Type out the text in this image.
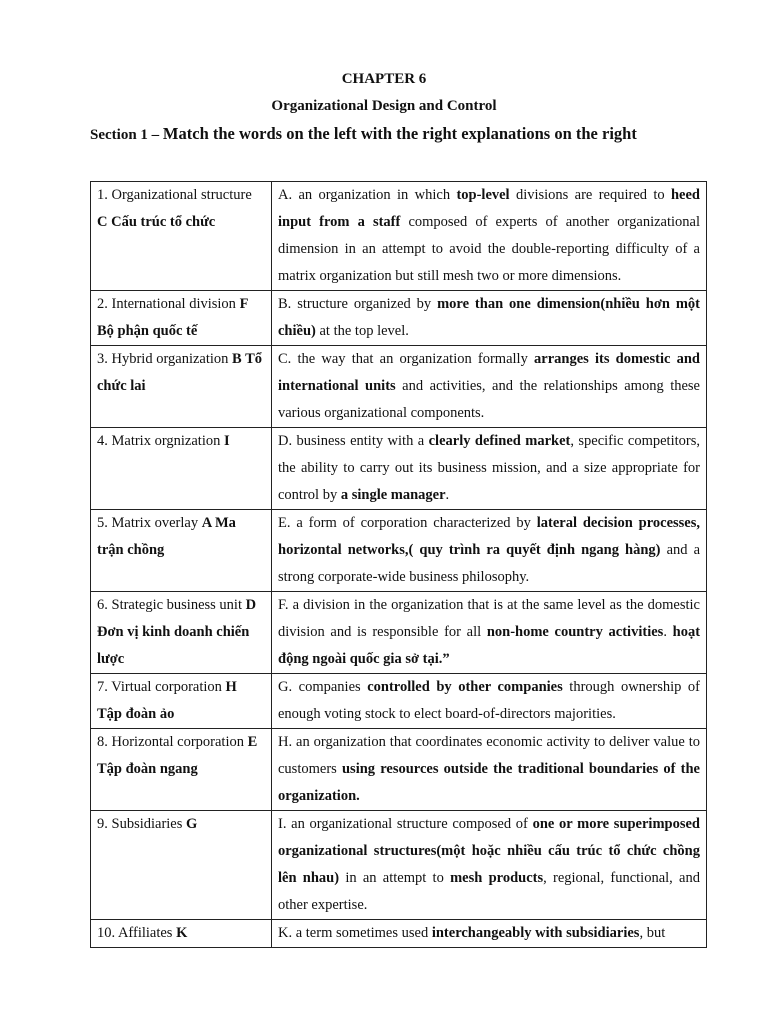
CHAPTER 6
Organizational Design and Control
Section 1 – Match the words on the left with the right explanations on the right
1. Organizational structure C Cấu trúc tổ chức	A. an organization in which top-level divisions are required to heed input from a staff composed of experts of another organizational dimension in an attempt to avoid the double-reporting difficulty of a matrix organization but still mesh two or more dimensions.
2. International division F Bộ phận quốc tế	B. structure organized by more than one dimension(nhiều hơn một chiều) at the top level.
3. Hybrid organization B Tổ chức lai	C. the way that an organization formally arranges its domestic and international units and activities, and the relationships among these various organizational components.
4. Matrix orgnization I	D. business entity with a clearly defined market, specific competitors, the ability to carry out its business mission, and a size appropriate for control by a single manager.
5. Matrix overlay A Ma trận chồng	E. a form of corporation characterized by lateral decision processes, horizontal networks,( quy trình ra quyết định ngang hàng) and a strong corporate-wide business philosophy.
6. Strategic business unit D Đơn vị kinh doanh chiến lược	F. a division in the organization that is at the same level as the domestic division and is responsible for all non-home country activities. hoạt động ngoài quốc gia sở tại.”
7. Virtual corporation H Tập đoàn ảo	G. companies controlled by other companies through ownership of enough voting stock to elect board-of-directors majorities.
8. Horizontal corporation E Tập đoàn ngang	H. an organization that coordinates economic activity to deliver value to customers using resources outside the traditional boundaries of the organization.
9. Subsidiaries G	I. an organizational structure composed of one or more superimposed organizational structures(một hoặc nhiều cấu trúc tổ chức chồng lên nhau) in an attempt to mesh products, regional, functional, and other expertise.
10. Affiliates K	K. a term sometimes used interchangeably with subsidiaries, but
